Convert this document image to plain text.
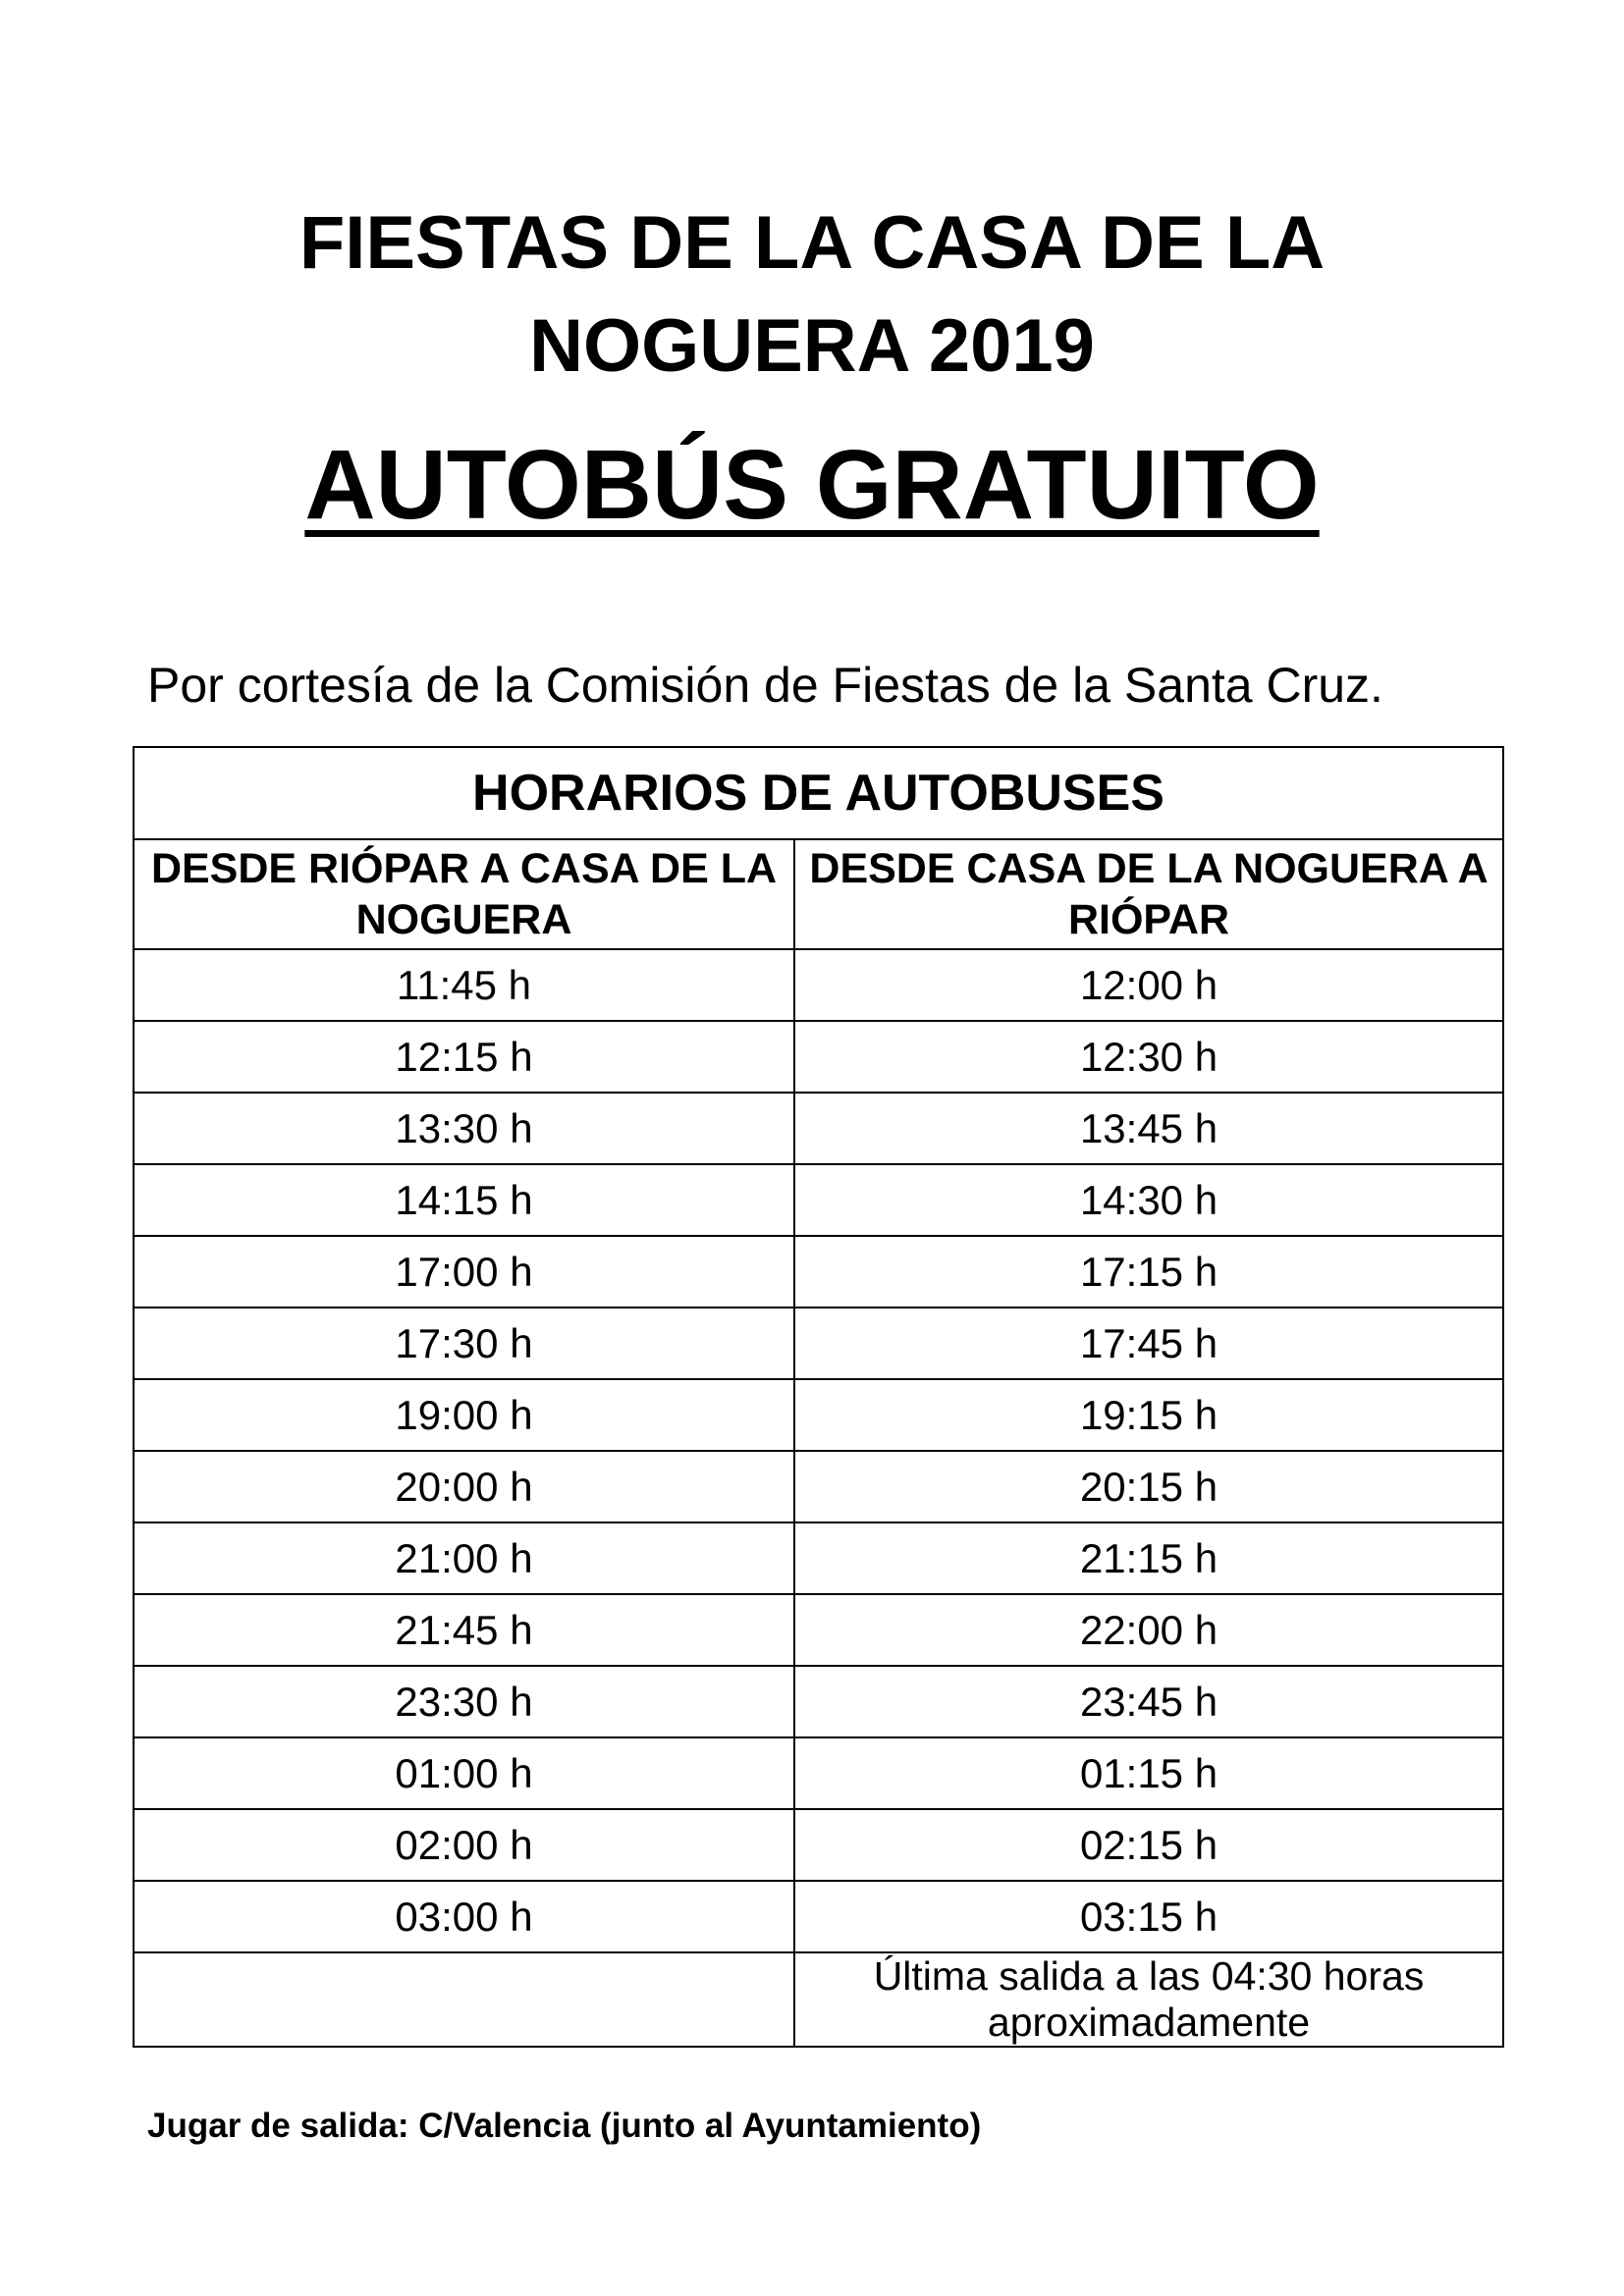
FIESTAS DE LA CASA DE LA
NOGUERA 2019
AUTOBÚS GRATUITO
Por cortesía de la Comisión de Fiestas de la Santa Cruz.
HORARIOS DE AUTOBUSES	
DESDE RIÓPAR A CASA DE LA NOGUERA	DESDE CASA DE LA NOGUERA A RIÓPAR
11:45 h	12:00 h
12:15 h	12:30 h
13:30 h	13:45 h
14:15 h	14:30 h
17:00 h	17:15 h
17:30 h	17:45 h
19:00 h	19:15 h
20:00 h	20:15 h
21:00 h	21:15 h
21:45 h	22:00 h
23:30 h	23:45 h
01:00 h	01:15 h
02:00 h	02:15 h
03:00 h	03:15 h
	Última salida a las 04:30 horas aproximadamente
Jugar de salida: C/Valencia (junto al Ayuntamiento)
